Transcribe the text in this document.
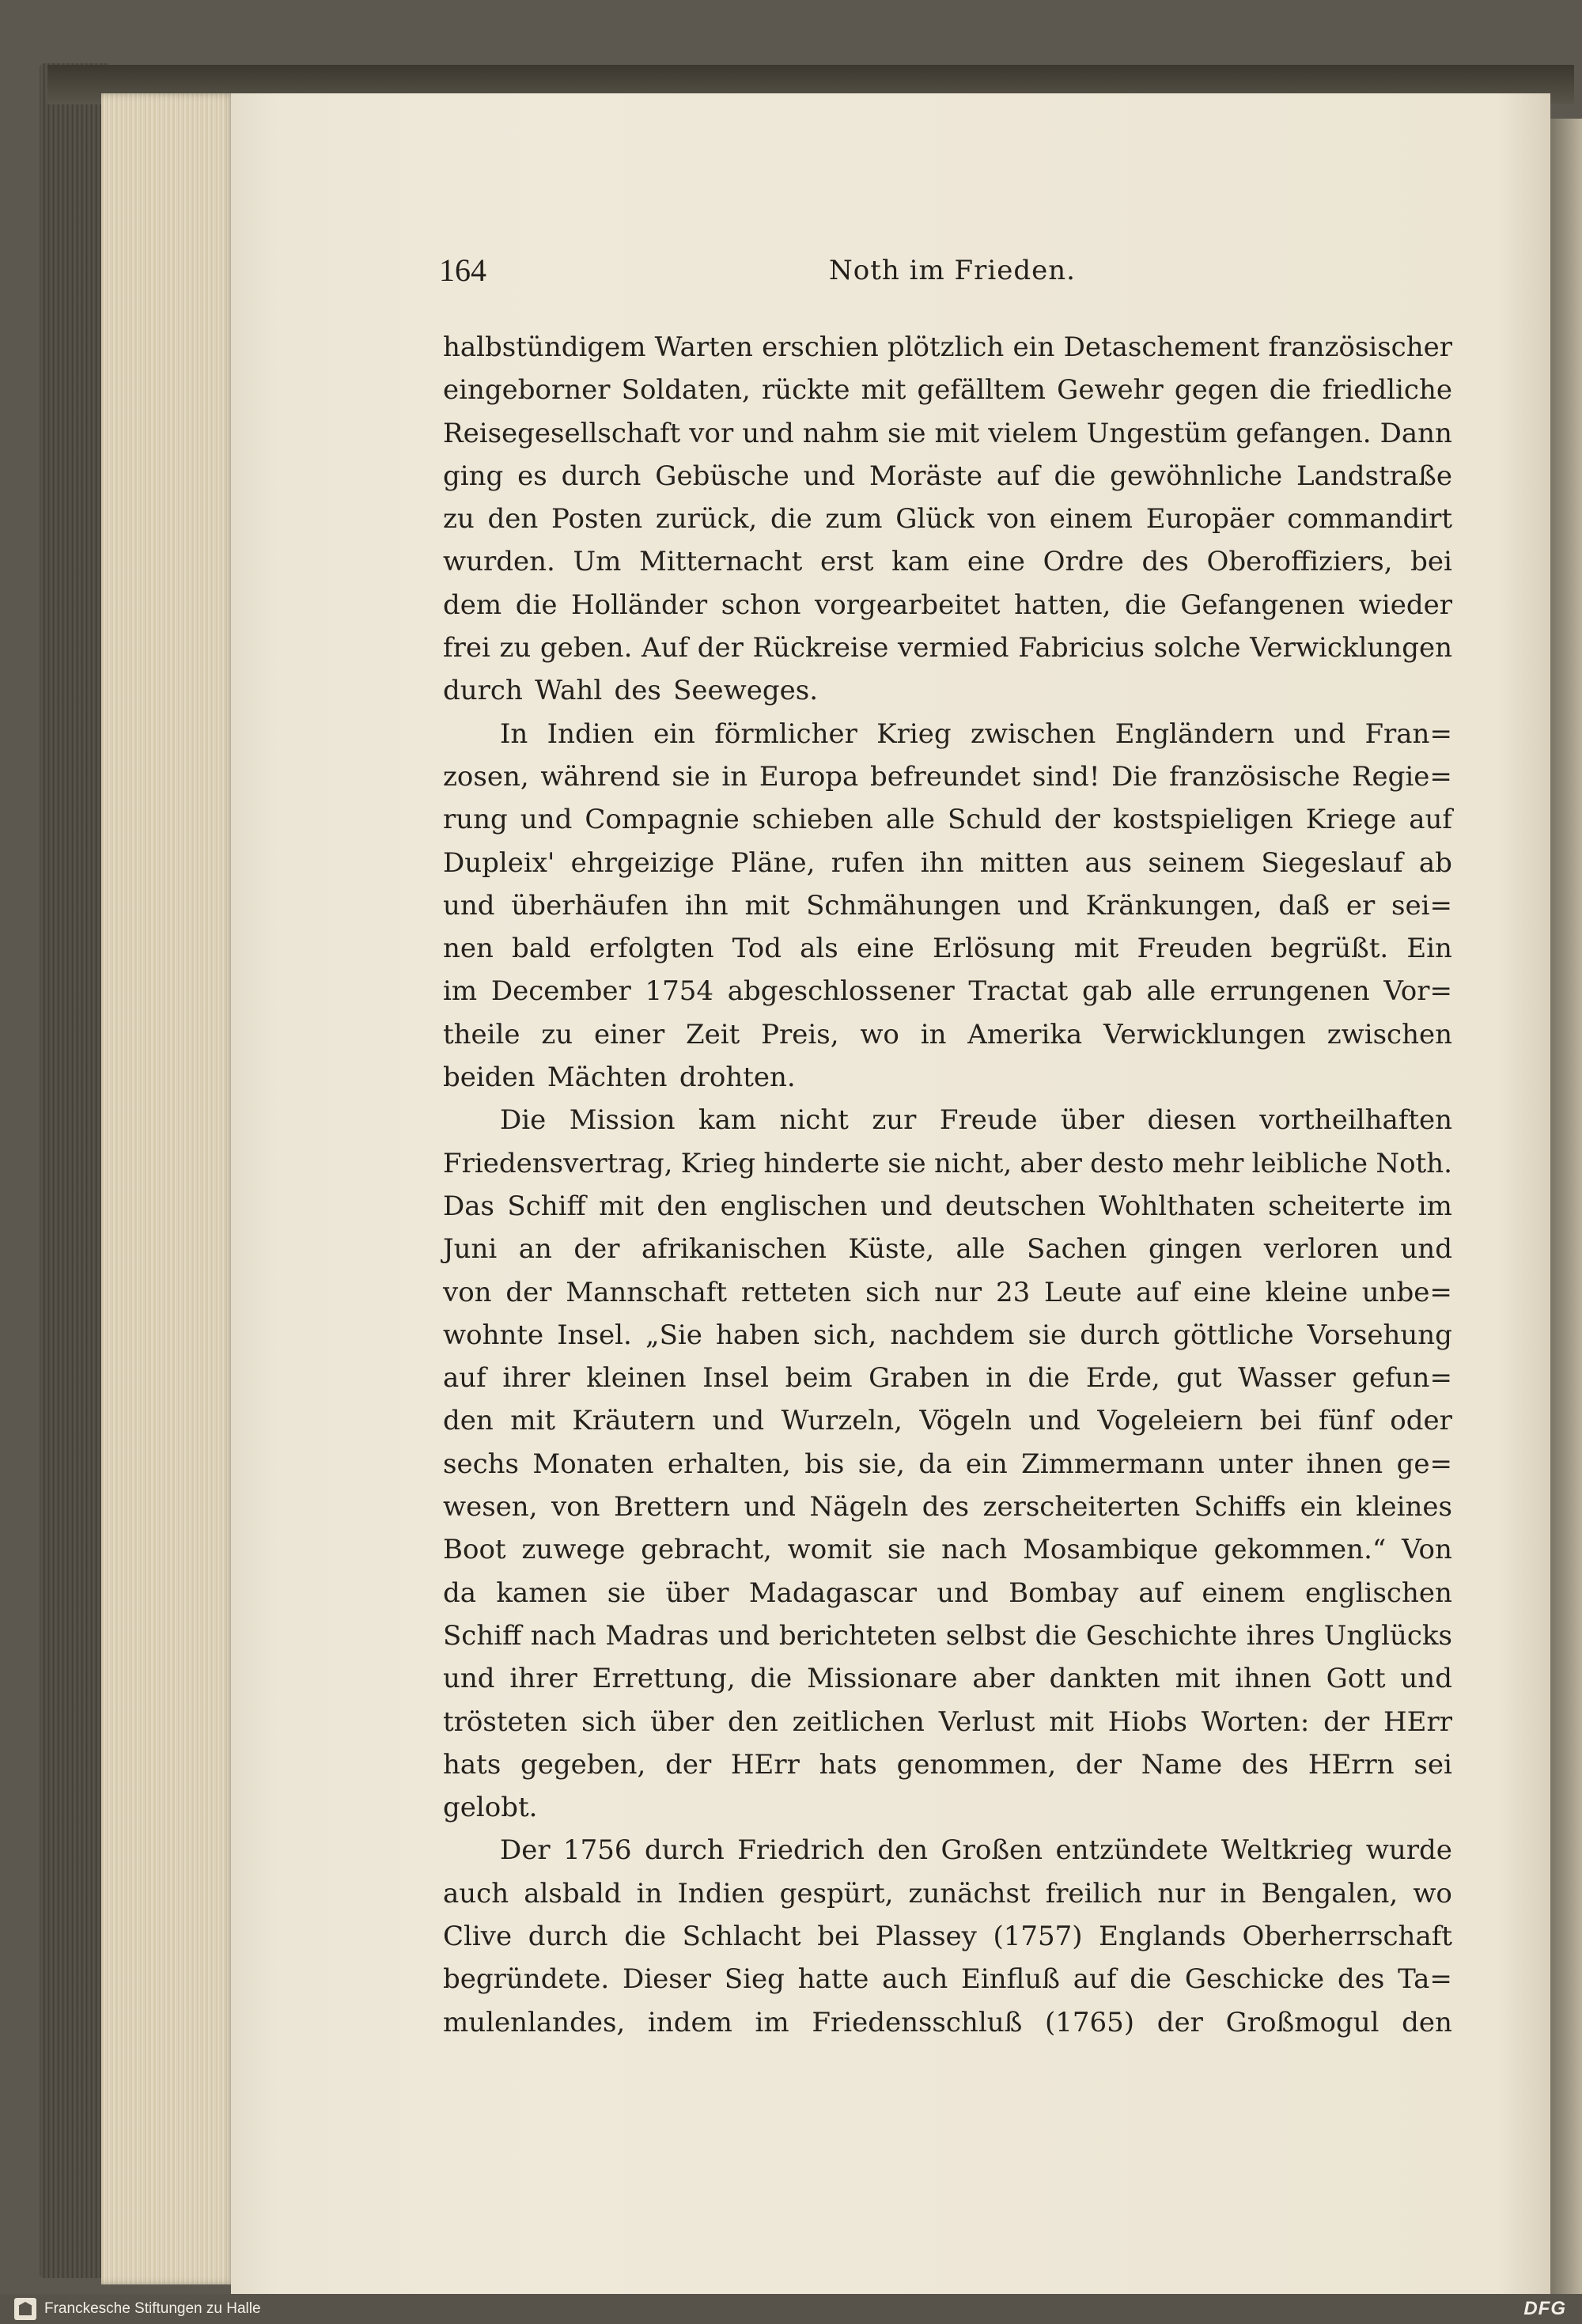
164	Noth im Frieden.
halbstündigem Warten erschien plötzlich ein Detaschement französischer
eingeborner Soldaten, rückte mit gefälltem Gewehr gegen die friedliche
Reisegesellschaft vor und nahm sie mit vielem Ungestüm gefangen. Dann
ging es durch Gebüsche und Moräste auf die gewöhnliche Landstraße
zu den Posten zurück, die zum Glück von einem Europäer commandirt
wurden. Um Mitternacht erst kam eine Ordre des Oberoffiziers, bei
dem die Holländer schon vorgearbeitet hatten, die Gefangenen wieder
frei zu geben. Auf der Rückreise vermied Fabricius solche Verwicklungen
durch Wahl des Seeweges.
In Indien ein förmlicher Krieg zwischen Engländern und Fran=
zosen, während sie in Europa befreundet sind! Die französische Regie=
rung und Compagnie schieben alle Schuld der kostspieligen Kriege auf
Dupleix' ehrgeizige Pläne, rufen ihn mitten aus seinem Siegeslauf ab
und überhäufen ihn mit Schmähungen und Kränkungen, daß er sei=
nen bald erfolgten Tod als eine Erlösung mit Freuden begrüßt. Ein
im December 1754 abgeschlossener Tractat gab alle errungenen Vor=
theile zu einer Zeit Preis, wo in Amerika Verwicklungen zwischen
beiden Mächten drohten.
Die Mission kam nicht zur Freude über diesen vortheilhaften
Friedensvertrag, Krieg hinderte sie nicht, aber desto mehr leibliche Noth.
Das Schiff mit den englischen und deutschen Wohlthaten scheiterte im
Juni an der afrikanischen Küste, alle Sachen gingen verloren und
von der Mannschaft retteten sich nur 23 Leute auf eine kleine unbe=
wohnte Insel. „Sie haben sich, nachdem sie durch göttliche Vorsehung
auf ihrer kleinen Insel beim Graben in die Erde, gut Wasser gefun=
den mit Kräutern und Wurzeln, Vögeln und Vogeleiern bei fünf oder
sechs Monaten erhalten, bis sie, da ein Zimmermann unter ihnen ge=
wesen, von Brettern und Nägeln des zerscheiterten Schiffs ein kleines
Boot zuwege gebracht, womit sie nach Mosambique gekommen.“ Von
da kamen sie über Madagascar und Bombay auf einem englischen
Schiff nach Madras und berichteten selbst die Geschichte ihres Unglücks
und ihrer Errettung, die Missionare aber dankten mit ihnen Gott und
trösteten sich über den zeitlichen Verlust mit Hiobs Worten: der HErr
hats gegeben, der HErr hats genommen, der Name des HErrn sei
gelobt.
Der 1756 durch Friedrich den Großen entzündete Weltkrieg wurde
auch alsbald in Indien gespürt, zunächst freilich nur in Bengalen, wo
Clive durch die Schlacht bei Plassey (1757) Englands Oberherrschaft
begründete. Dieser Sieg hatte auch Einfluß auf die Geschicke des Ta=
mulenlandes, indem im Friedensschluß (1765) der Großmogul den
Franckesche Stiftungen zu Halle	DFG
